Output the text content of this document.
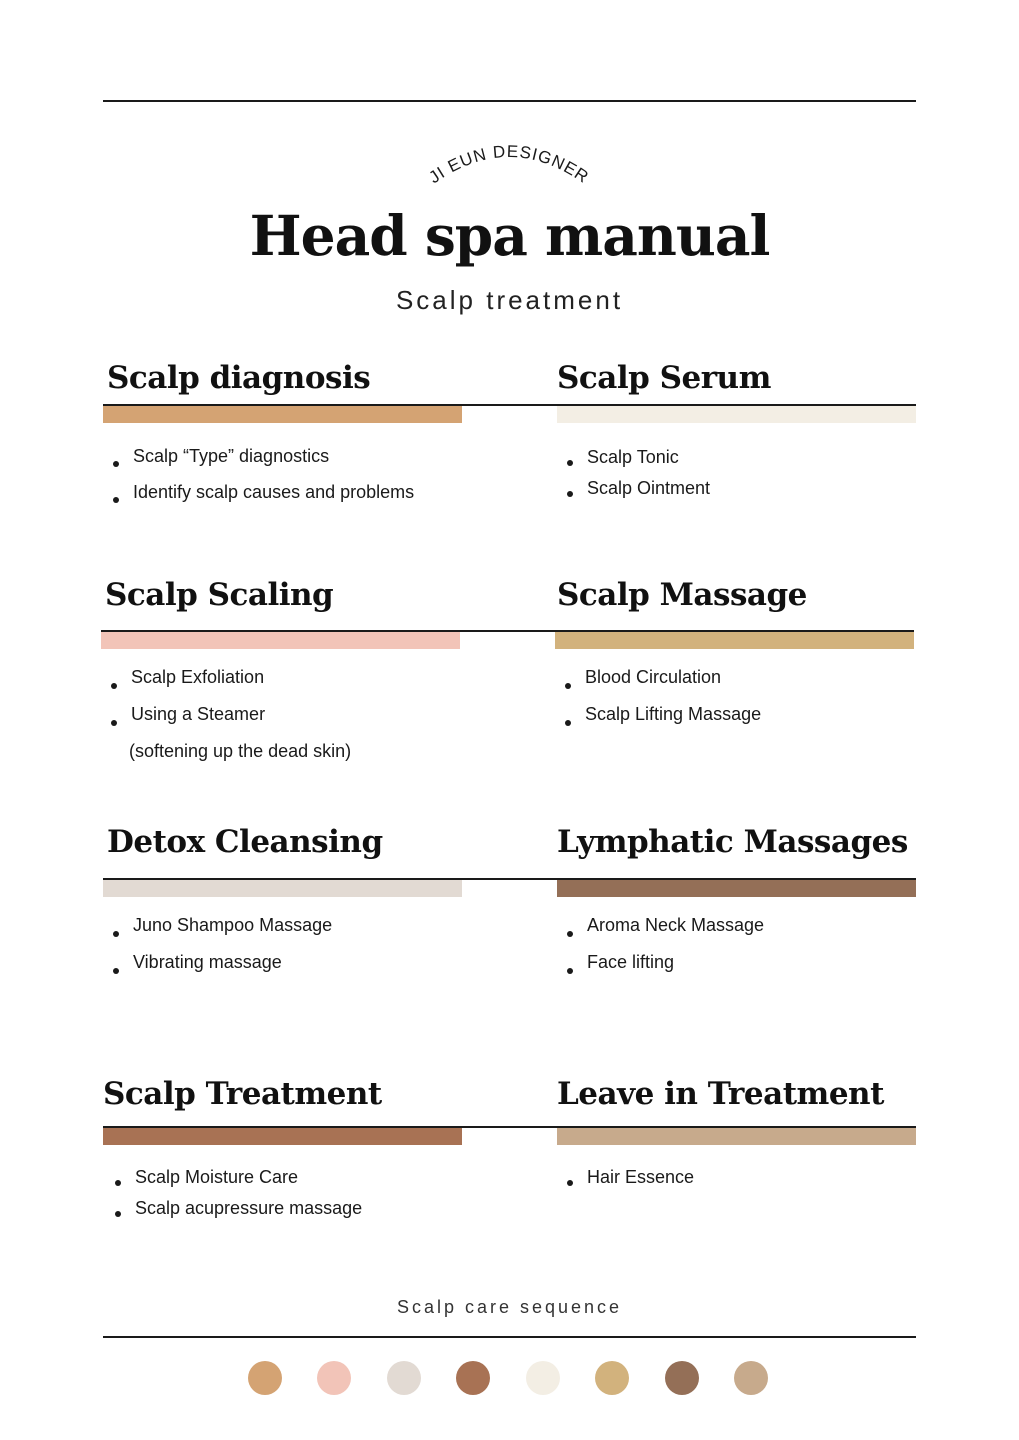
JI EUN DESIGNER
Head spa manual
Scalp treatment
Scalp diagnosis
Scalp “Type” diagnostics
Identify scalp causes and problems
Scalp Serum
Scalp Tonic
Scalp Ointment
Scalp Scaling
Scalp Exfoliation
Using a Steamer
(softening up the dead skin)
Scalp Massage
Blood Circulation
Scalp Lifting Massage
Detox Cleansing
Juno Shampoo Massage
Vibrating massage
Lymphatic Massages
Aroma Neck Massage
Face lifting
Scalp Treatment
Scalp Moisture Care
Scalp acupressure massage
Leave in Treatment
Hair Essence
Scalp care sequence
